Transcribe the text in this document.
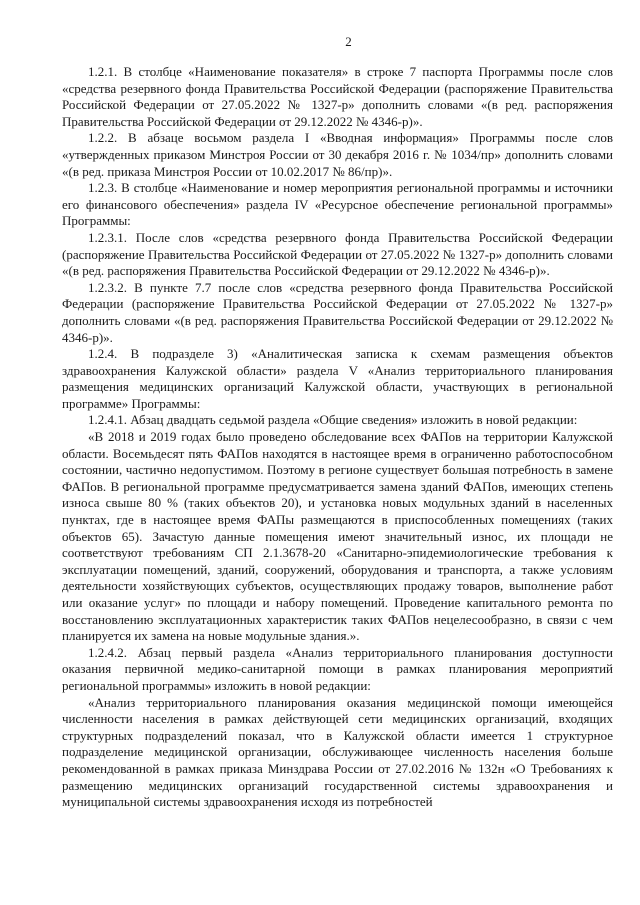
2

1.2.1. В столбце «Наименование показателя» в строке 7 паспорта Программы после слов «средства резервного фонда Правительства Российской Федерации (распоряжение Правительства Российской Федерации от 27.05.2022 № 1327-р» дополнить словами «(в ред. распоряжения Правительства Российской Федерации от 29.12.2022 № 4346-р)».

1.2.2. В абзаце восьмом раздела I «Вводная информация» Программы после слов «утвержденных приказом Минстроя России от 30 декабря 2016 г. № 1034/пр» дополнить словами «(в ред. приказа Минстроя России от 10.02.2017 № 86/пр)».

1.2.3. В столбце «Наименование и номер мероприятия региональной программы и источники его финансового обеспечения» раздела IV «Ресурсное обеспечение региональной программы» Программы:

1.2.3.1. После слов «средства резервного фонда Правительства Российской Федерации (распоряжение Правительства Российской Федерации от 27.05.2022 № 1327-р» дополнить словами «(в ред. распоряжения Правительства Российской Федерации от 29.12.2022 № 4346-р)».

1.2.3.2. В пункте 7.7 после слов «средства резервного фонда Правительства Российской Федерации (распоряжение Правительства Российской Федерации от 27.05.2022 № 1327-р» дополнить словами «(в ред. распоряжения Правительства Российской Федерации от 29.12.2022 № 4346-р)».

1.2.4. В подразделе 3) «Аналитическая записка к схемам размещения объектов здравоохранения Калужской области» раздела V «Анализ территориального планирования размещения медицинских организаций Калужской области, участвующих в региональной программе» Программы:

1.2.4.1. Абзац двадцать седьмой раздела «Общие сведения» изложить в новой редакции:

«В 2018 и 2019 годах было проведено обследование всех ФАПов на территории Калужской области. Восемьдесят пять ФАПов находятся в настоящее время в ограниченно работоспособном состоянии, частично недопустимом. Поэтому в регионе существует большая потребность в замене ФАПов. В региональной программе предусматривается замена зданий ФАПов, имеющих степень износа свыше 80 % (таких объектов 20), и установка новых модульных зданий в населенных пунктах, где в настоящее время ФАПы размещаются в приспособленных помещениях (таких объектов 65). Зачастую данные помещения имеют значительный износ, их площади не соответствуют требованиям СП 2.1.3678-20 «Санитарно-эпидемиологические требования к эксплуатации помещений, зданий, сооружений, оборудования и транспорта, а также условиям деятельности хозяйствующих субъектов, осуществляющих продажу товаров, выполнение работ или оказание услуг» по площади и набору помещений. Проведение капитального ремонта по восстановлению эксплуатационных характеристик таких ФАПов нецелесообразно, в связи с чем планируется их замена на новые модульные здания.».

1.2.4.2. Абзац первый раздела «Анализ территориального планирования доступности оказания первичной медико-санитарной помощи в рамках планирования мероприятий региональной программы» изложить в новой редакции:

«Анализ территориального планирования оказания медицинской помощи имеющейся численности населения в рамках действующей сети медицинских организаций, входящих структурных подразделений показал, что в Калужской области имеется 1 структурное подразделение медицинской организации, обслуживающее численность населения больше рекомендованной в рамках приказа Минздрава России от 27.02.2016 № 132н «О Требованиях к размещению медицинских организаций государственной системы здравоохранения и муниципальной системы здравоохранения исходя из потребностей
